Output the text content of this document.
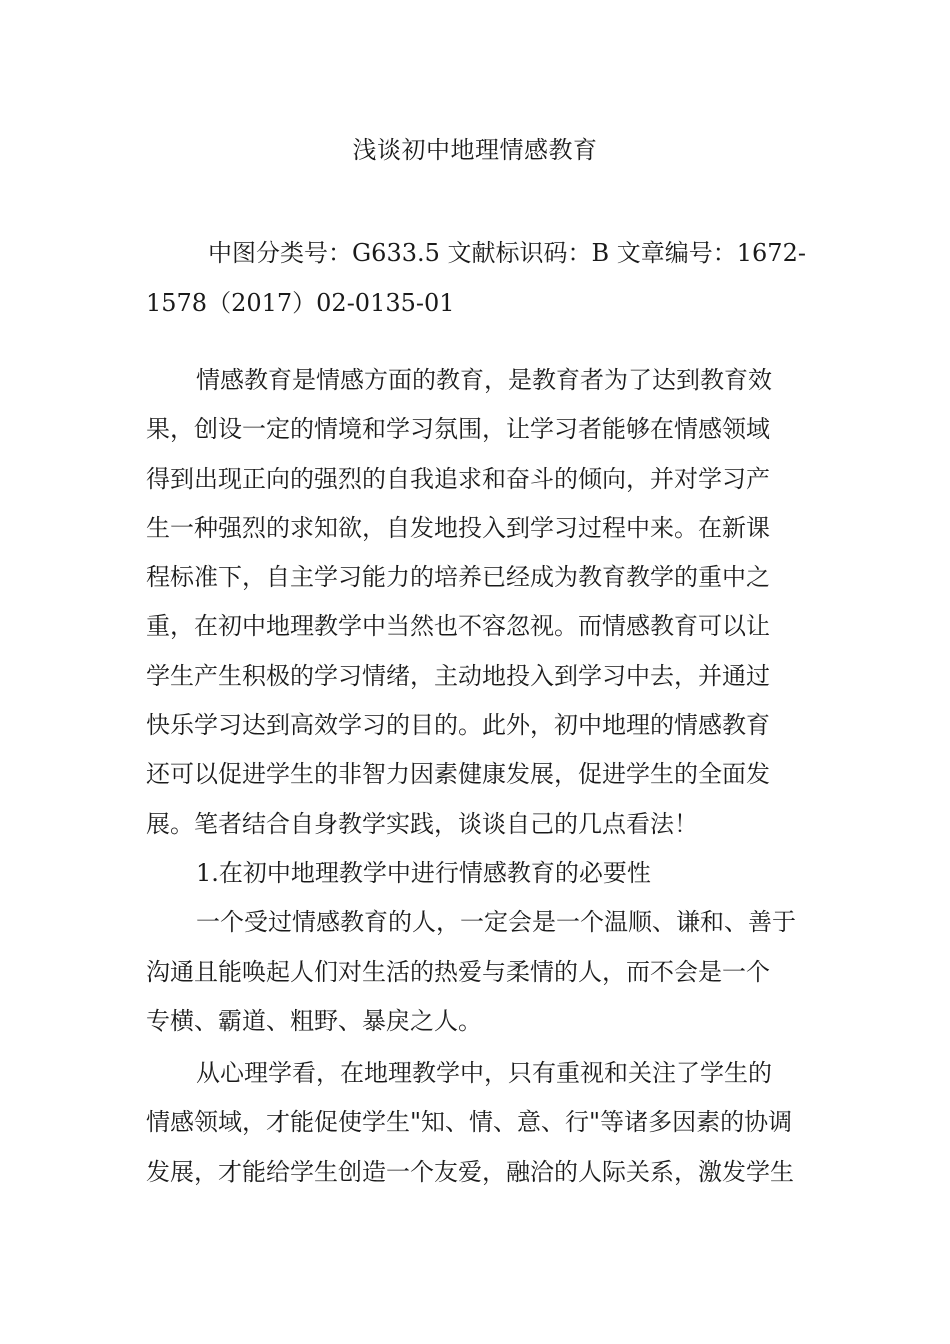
浅谈初中地理情感教育
中图分类号：G633.5 文献标识码：B 文章编号：1672-
1578（2017）02-0135-01
情感教育是情感方面的教育，是教育者为了达到教育效
果，创设一定的情境和学习氛围，让学习者能够在情感领域
得到出现正向的强烈的自我追求和奋斗的倾向，并对学习产
生一种强烈的求知欲，自发地投入到学习过程中来。在新课
程标准下，自主学习能力的培养已经成为教育教学的重中之
重，在初中地理教学中当然也不容忽视。而情感教育可以让
学生产生积极的学习情绪，主动地投入到学习中去，并通过
快乐学习达到高效学习的目的。此外，初中地理的情感教育
还可以促进学生的非智力因素健康发展，促进学生的全面发
展。笔者结合自身教学实践，谈谈自己的几点看法！
1.在初中地理教学中进行情感教育的必要性
一个受过情感教育的人，一定会是一个温顺、谦和、善于
沟通且能唤起人们对生活的热爱与柔情的人，而不会是一个
专横、霸道、粗野、暴戾之人。
从心理学看，在地理教学中，只有重视和关注了学生的
情感领域，才能促使学生"知、情、意、行"等诸多因素的协调
发展，才能给学生创造一个友爱，融洽的人际关系，激发学生
